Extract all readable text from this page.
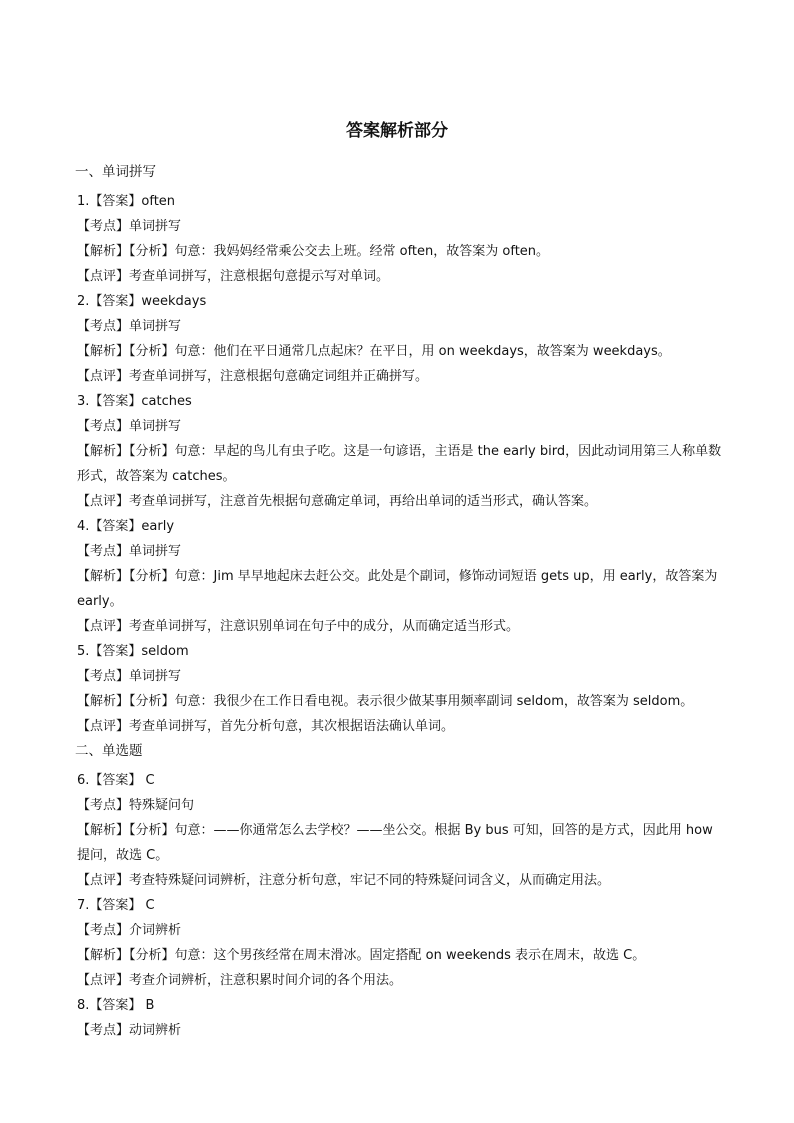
答案解析部分
一、单词拼写
1.【答案】often
【考点】单词拼写
【解析】【分析】句意：我妈妈经常乘公交去上班。经常 often，故答案为 often。
【点评】考查单词拼写，注意根据句意提示写对单词。
2.【答案】weekdays
【考点】单词拼写
【解析】【分析】句意：他们在平日通常几点起床？在平日，用 on weekdays，故答案为 weekdays。
【点评】考查单词拼写，注意根据句意确定词组并正确拼写。
3.【答案】catches
【考点】单词拼写
【解析】【分析】句意：早起的鸟儿有虫子吃。这是一句谚语，主语是 the early bird，因此动词用第三人称单数形式，故答案为 catches。
【点评】考查单词拼写，注意首先根据句意确定单词，再给出单词的适当形式，确认答案。
4.【答案】early
【考点】单词拼写
【解析】【分析】句意：Jim 早早地起床去赶公交。此处是个副词，修饰动词短语 gets up，用 early，故答案为 early。
【点评】考查单词拼写，注意识别单词在句子中的成分，从而确定适当形式。
5.【答案】seldom
【考点】单词拼写
【解析】【分析】句意：我很少在工作日看电视。表示很少做某事用频率副词 seldom，故答案为 seldom。
【点评】考查单词拼写，首先分析句意，其次根据语法确认单词。
二、单选题
6.【答案】 C
【考点】特殊疑问句
【解析】【分析】句意：——你通常怎么去学校？——坐公交。根据 By bus 可知，回答的是方式，因此用 how 提问，故选 C。
【点评】考查特殊疑问词辨析，注意分析句意，牢记不同的特殊疑问词含义，从而确定用法。
7.【答案】 C
【考点】介词辨析
【解析】【分析】句意：这个男孩经常在周末滑冰。固定搭配 on weekends 表示在周末，故选 C。
【点评】考查介词辨析，注意积累时间介词的各个用法。
8.【答案】 B
【考点】动词辨析
